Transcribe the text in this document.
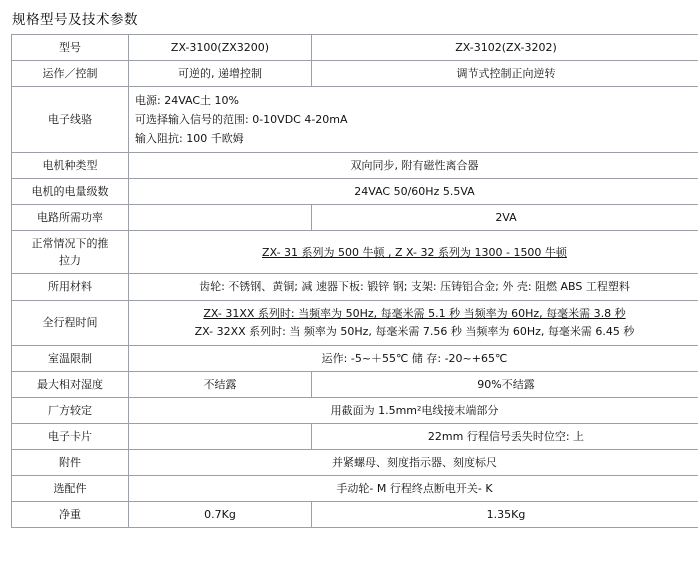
规格型号及技术参数
型号	ZX-3100(ZX3200)	ZX-3102(ZX-3202)
运作／控制	可逆的, 递增控制	调节式控制正向逆转
电子线骆	电源: 24VAC土 10%

可选择输入信号的范围: 0-10VDC 4-20mA

输入阻抗: 100 千欧姆	

电机种类型	双向同步, 附有磁性离合器	
电机的电量级数	24VAC 50/60Hz 5.5VA	
电路所需功率		2VA

正常情况下的推
拉力	ZX- 31 系列为 500 牛顿 , Z X- 32 系列为 1300 - 1500 牛顿	
所用材料	齿轮: 不锈钢、黄铜; 减 速器下板: 锻锌 钢; 支架: 压铸铝合金; 外 壳: 阻燃 ABS 工程塑料	
全行程时间	ZX- 31XX 系列时: 当频率为 50Hz, 每毫米需 5.1 秒 当频率为 60Hz, 每毫米需 3.8 秒

ZX- 32XX 系列时: 当 频率为 50Hz, 每毫米需 7.56 秒 当频率为 60Hz, 每毫米需 6.45 秒	

室温限制	运作: -5~＋55℃ 储 存: -20~+65℃	
最大相对湿度	不结露	90%不结露
厂方较定	用截面为 1.5mm²电线接末端部分	
电子卡片		22mm 行程信号丢失时位空: 上
附件	并紧螺母、刻度指示器、刻度标尺	
选配件	手动轮- M 行程终点断电开关- K	
净重	0.7Kg	1.35Kg
